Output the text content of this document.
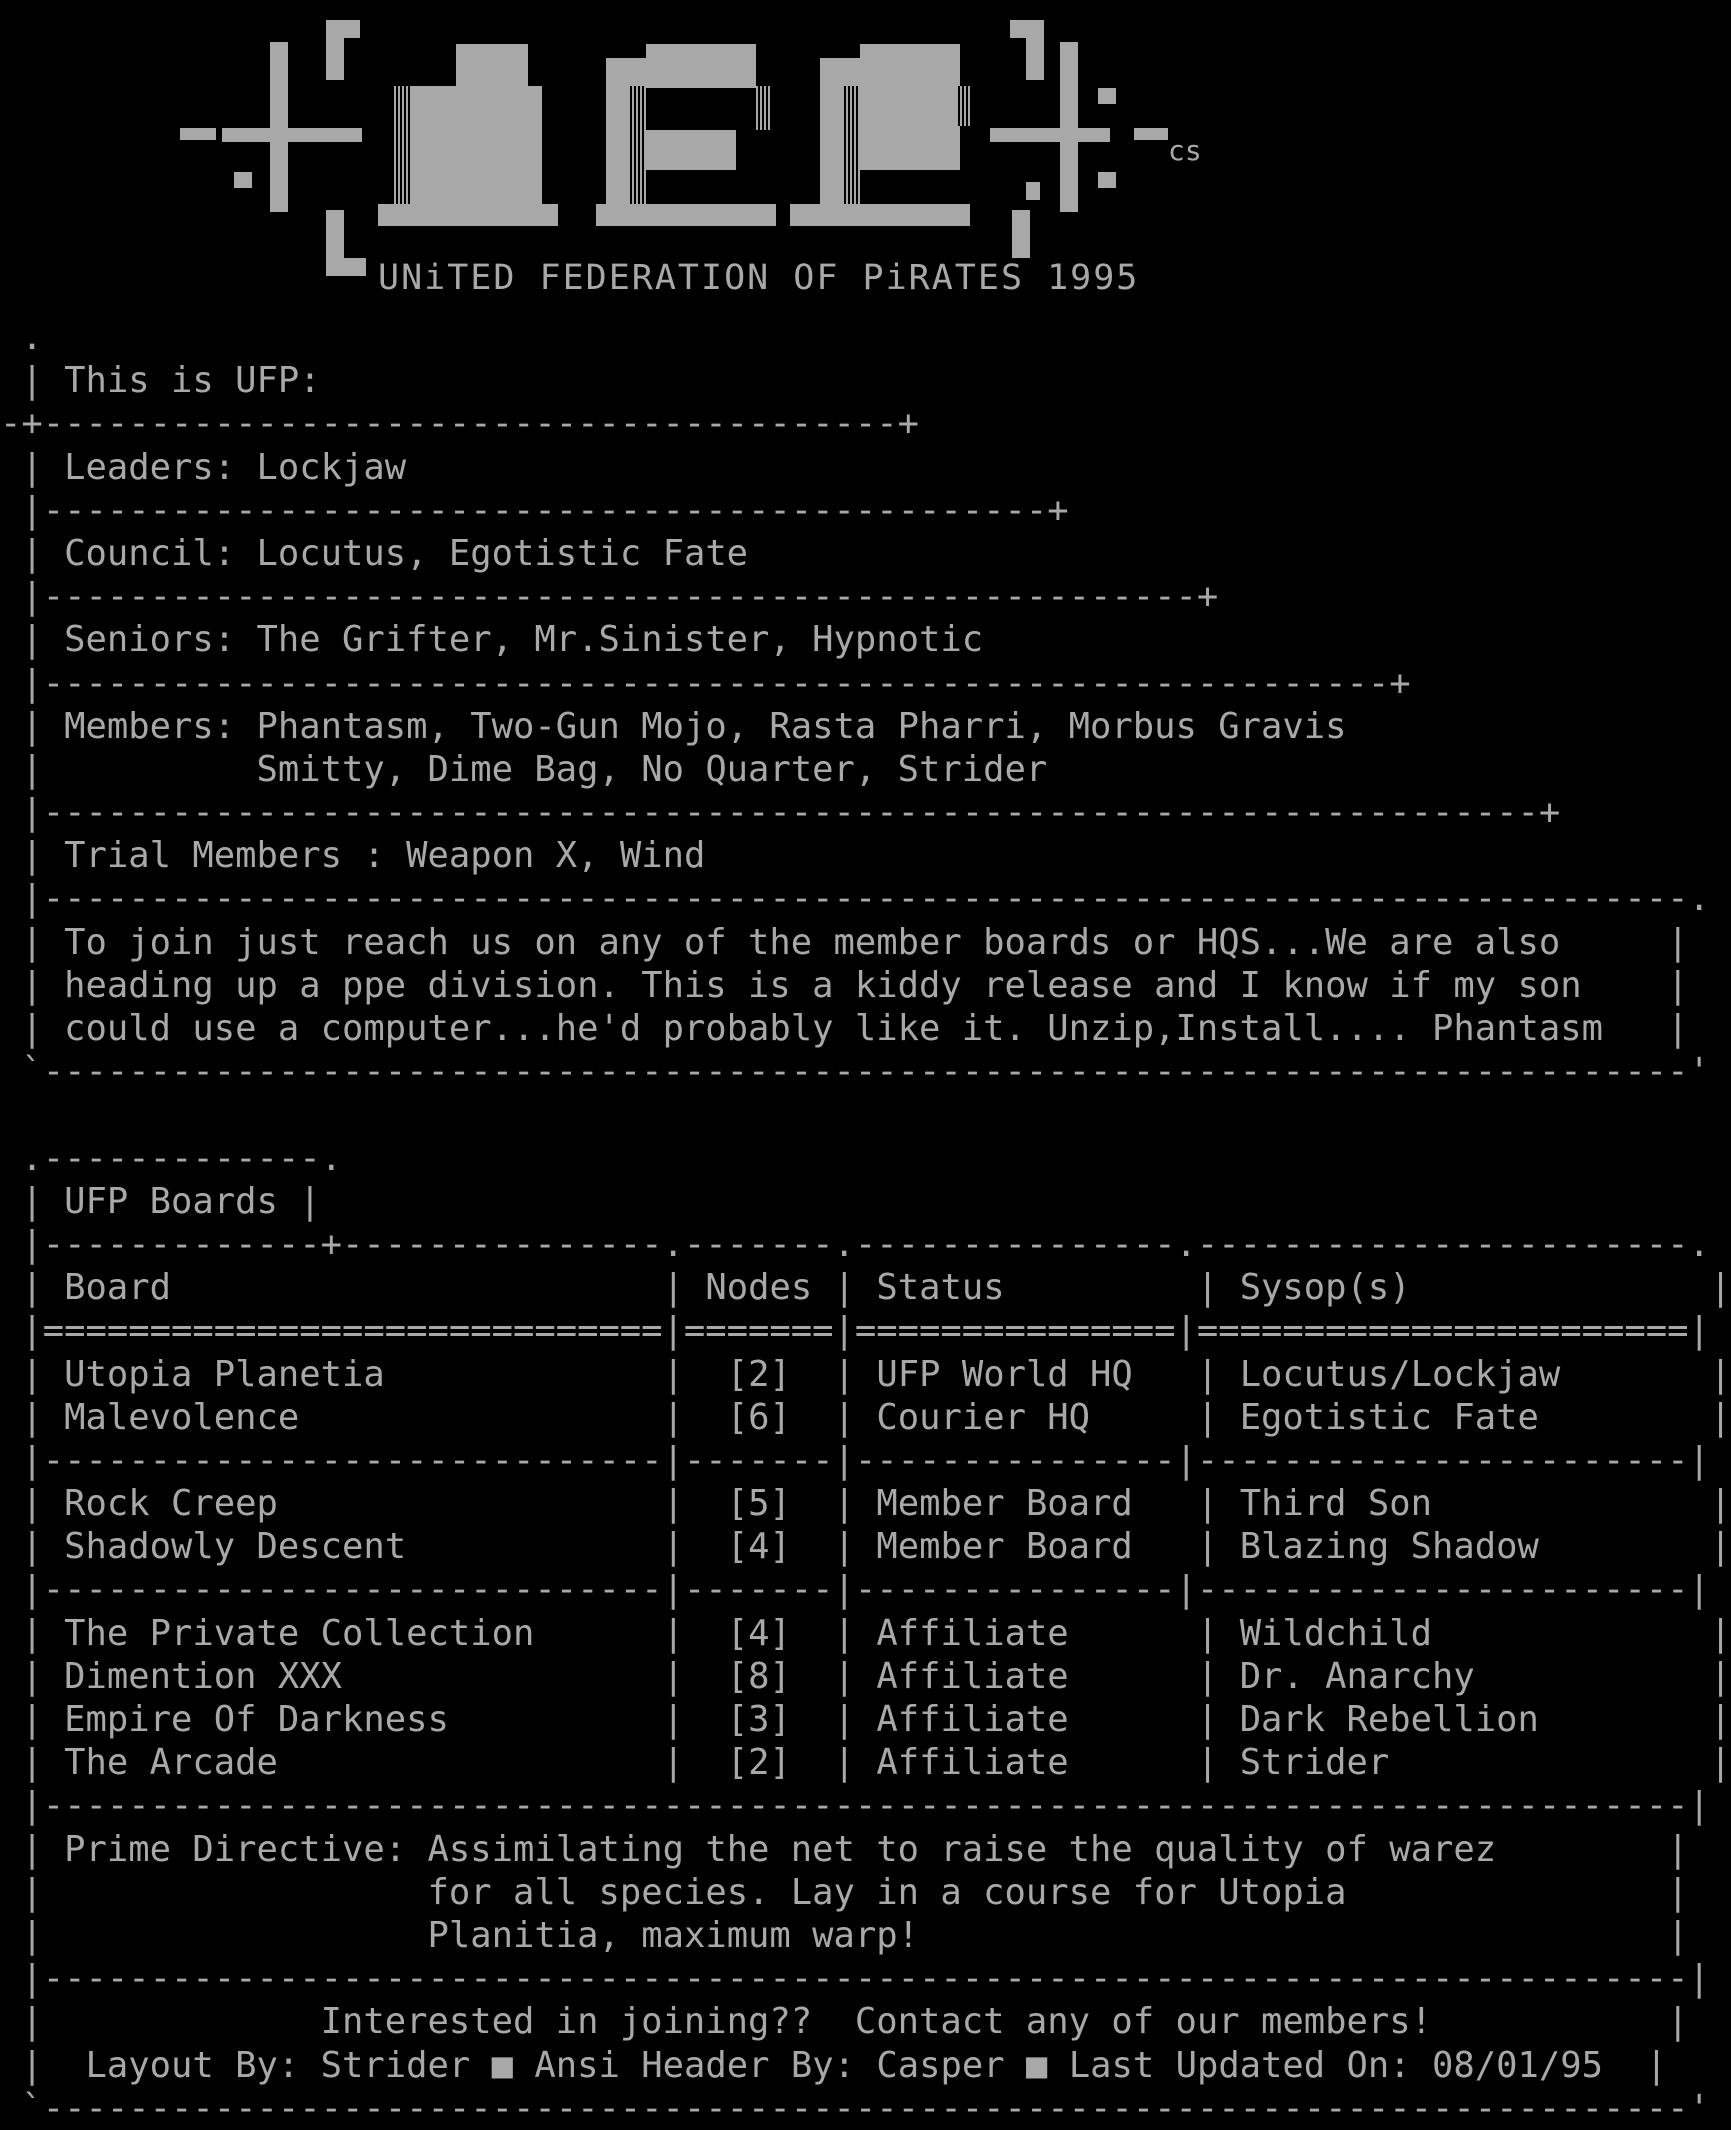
cs
UNiTED FEDERATION OF PiRATES 1995
.
| This is UFP:
-+----------------------------------------+
| Leaders: Lockjaw
|-----------------------------------------------+
| Council: Locutus, Egotistic Fate
|------------------------------------------------------+
| Seniors: The Grifter, Mr.Sinister, Hypnotic
|---------------------------------------------------------------+
| Members: Phantasm, Two-Gun Mojo, Rasta Pharri, Morbus Gravis
|          Smitty, Dime Bag, No Quarter, Strider
|----------------------------------------------------------------------+
| Trial Members : Weapon X, Wind
|-----------------------------------------------------------------------------.
| To join just reach us on any of the member boards or HQS...We are also     |
| heading up a ppe division. This is a kiddy release and I know if my son    |
| could use a computer...he'd probably like it. Unzip,Install.... Phantasm   |
`-----------------------------------------------------------------------------'

.-------------.
| UFP Boards |
|-------------+---------------.-------.---------------.-----------------------.
| Board                       | Nodes | Status         | Sysop(s)              |
|=============================|=======|===============|=======================|
| Utopia Planetia             |  [2]  | UFP World HQ   | Locutus/Lockjaw       |
| Malevolence                 |  [6]  | Courier HQ     | Egotistic Fate        |
|-----------------------------|-------|---------------|-----------------------|
| Rock Creep                  |  [5]  | Member Board   | Third Son             |
| Shadowly Descent            |  [4]  | Member Board   | Blazing Shadow        |
|-----------------------------|-------|---------------|-----------------------|
| The Private Collection      |  [4]  | Affiliate      | Wildchild             |
| Dimention XXX               |  [8]  | Affiliate      | Dr. Anarchy           |
| Empire Of Darkness          |  [3]  | Affiliate      | Dark Rebellion        |
| The Arcade                  |  [2]  | Affiliate      | Strider               |
|-----------------------------------------------------------------------------|
| Prime Directive: Assimilating the net to raise the quality of warez        |
|                  for all species. Lay in a course for Utopia               |
|                  Planitia, maximum warp!                                   |
|-----------------------------------------------------------------------------|
|             Interested in joining??  Contact any of our members!           |
|  Layout By: Strider ■ Ansi Header By: Casper ■ Last Updated On: 08/01/95  |
`-----------------------------------------------------------------------------'
